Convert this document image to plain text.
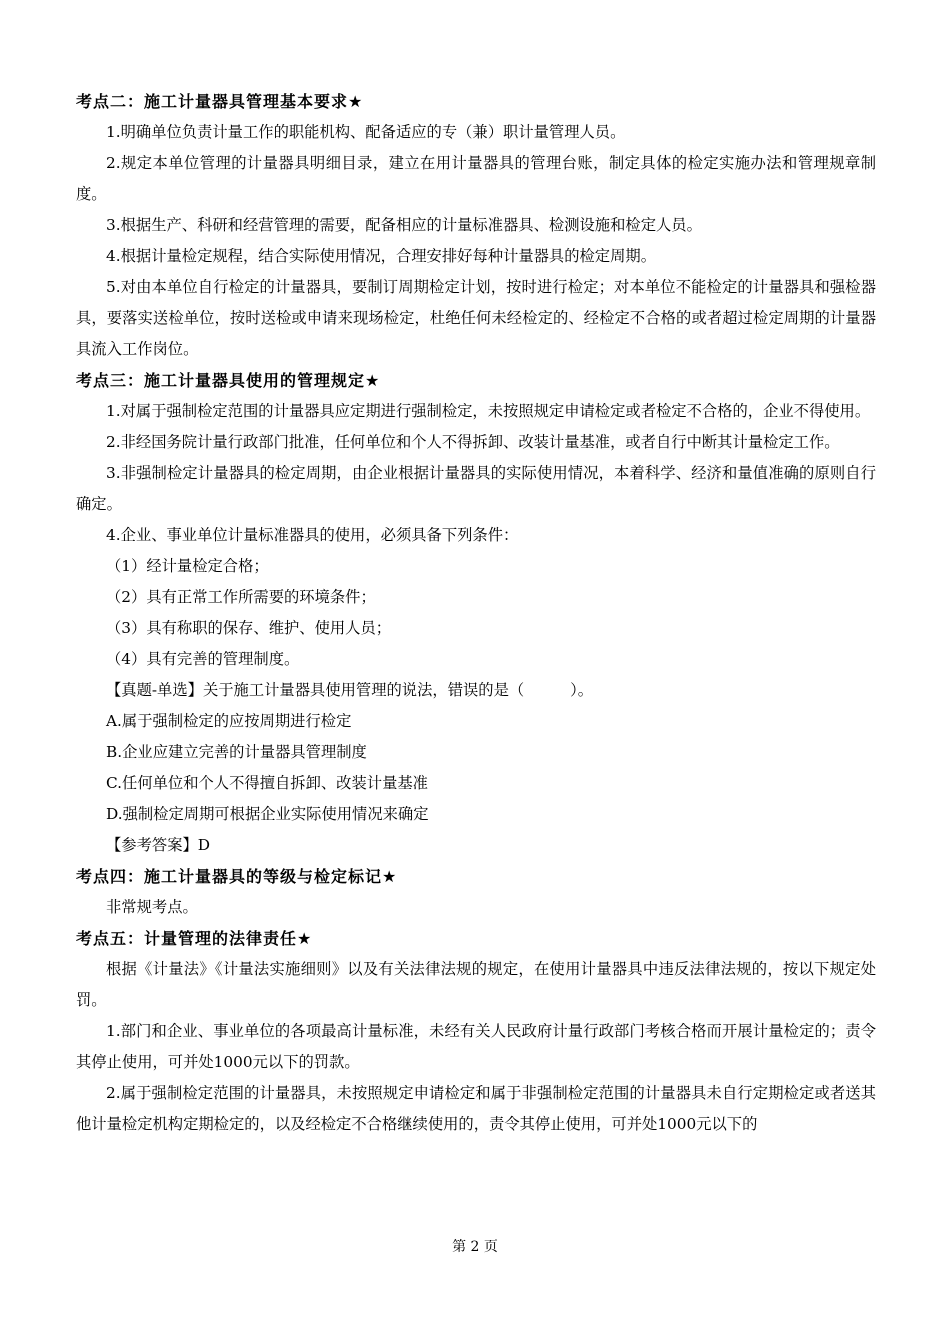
考点二：施工计量器具管理基本要求★

1.明确单位负责计量工作的职能机构、配备适应的专（兼）职计量管理人员。

2.规定本单位管理的计量器具明细目录，建立在用计量器具的管理台账，制定具体的检定实施办法和管理规章制度。

3.根据生产、科研和经营管理的需要，配备相应的计量标准器具、检测设施和检定人员。

4.根据计量检定规程，结合实际使用情况，合理安排好每种计量器具的检定周期。

5.对由本单位自行检定的计量器具，要制订周期检定计划，按时进行检定；对本单位不能检定的计量器具和强检器具，要落实送检单位，按时送检或申请来现场检定，杜绝任何未经检定的、经检定不合格的或者超过检定周期的计量器具流入工作岗位。

考点三：施工计量器具使用的管理规定★

1.对属于强制检定范围的计量器具应定期进行强制检定，未按照规定申请检定或者检定不合格的，企业不得使用。

2.非经国务院计量行政部门批准，任何单位和个人不得拆卸、改装计量基准，或者自行中断其计量检定工作。

3.非强制检定计量器具的检定周期，由企业根据计量器具的实际使用情况，本着科学、经济和量值准确的原则自行确定。

4.企业、事业单位计量标准器具的使用，必须具备下列条件：

（1）经计量检定合格；

（2）具有正常工作所需要的环境条件；

（3）具有称职的保存、维护、使用人员；

（4）具有完善的管理制度。

【真题-单选】关于施工计量器具使用管理的说法，错误的是（　　　）。

A.属于强制检定的应按周期进行检定

B.企业应建立完善的计量器具管理制度

C.任何单位和个人不得擅自拆卸、改装计量基准

D.强制检定周期可根据企业实际使用情况来确定

【参考答案】D

考点四：施工计量器具的等级与检定标记★

非常规考点。

考点五：计量管理的法律责任★

根据《计量法》《计量法实施细则》以及有关法律法规的规定，在使用计量器具中违反法律法规的，按以下规定处罚。

1.部门和企业、事业单位的各项最高计量标准，未经有关人民政府计量行政部门考核合格而开展计量检定的；责令其停止使用，可并处1000元以下的罚款。

2.属于强制检定范围的计量器具，未按照规定申请检定和属于非强制检定范围的计量器具未自行定期检定或者送其他计量检定机构定期检定的，以及经检定不合格继续使用的，责令其停止使用，可并处1000元以下的

第 2 页
